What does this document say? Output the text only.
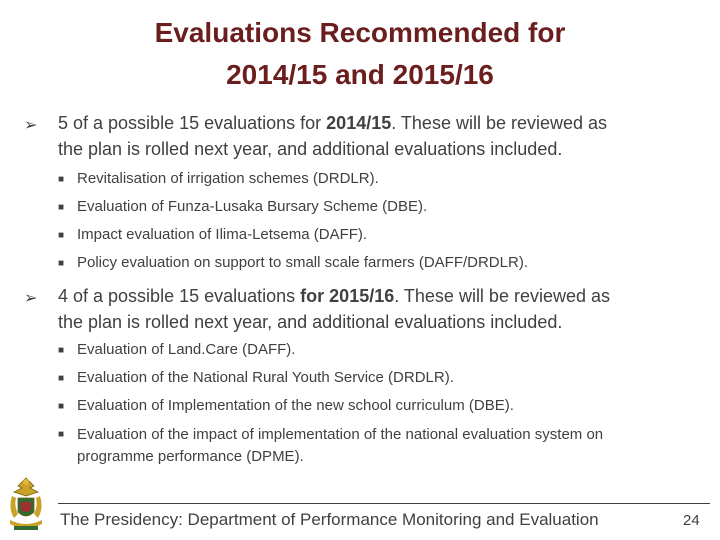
Evaluations Recommended for
2014/15 and 2015/16
➢ 5 of a possible 15 evaluations for 2014/15. These will be reviewed as
the plan is rolled next year, and additional evaluations included.
■ Revitalisation of irrigation schemes (DRDLR).
■ Evaluation of Funza-Lusaka Bursary Scheme (DBE).
■ Impact evaluation of Ilima-Letsema (DAFF).
■ Policy evaluation on support to small scale farmers (DAFF/DRDLR).
➢ 4 of a possible 15 evaluations for 2015/16. These will be reviewed as
the plan is rolled next year, and additional evaluations included.
■ Evaluation of Land.Care (DAFF).
■ Evaluation of the National Rural Youth Service (DRDLR).
■ Evaluation of Implementation of the new school curriculum (DBE).
■ Evaluation of the impact of implementation of the national evaluation system on
programme performance (DPME).
The Presidency: Department of Performance Monitoring and Evaluation	24
